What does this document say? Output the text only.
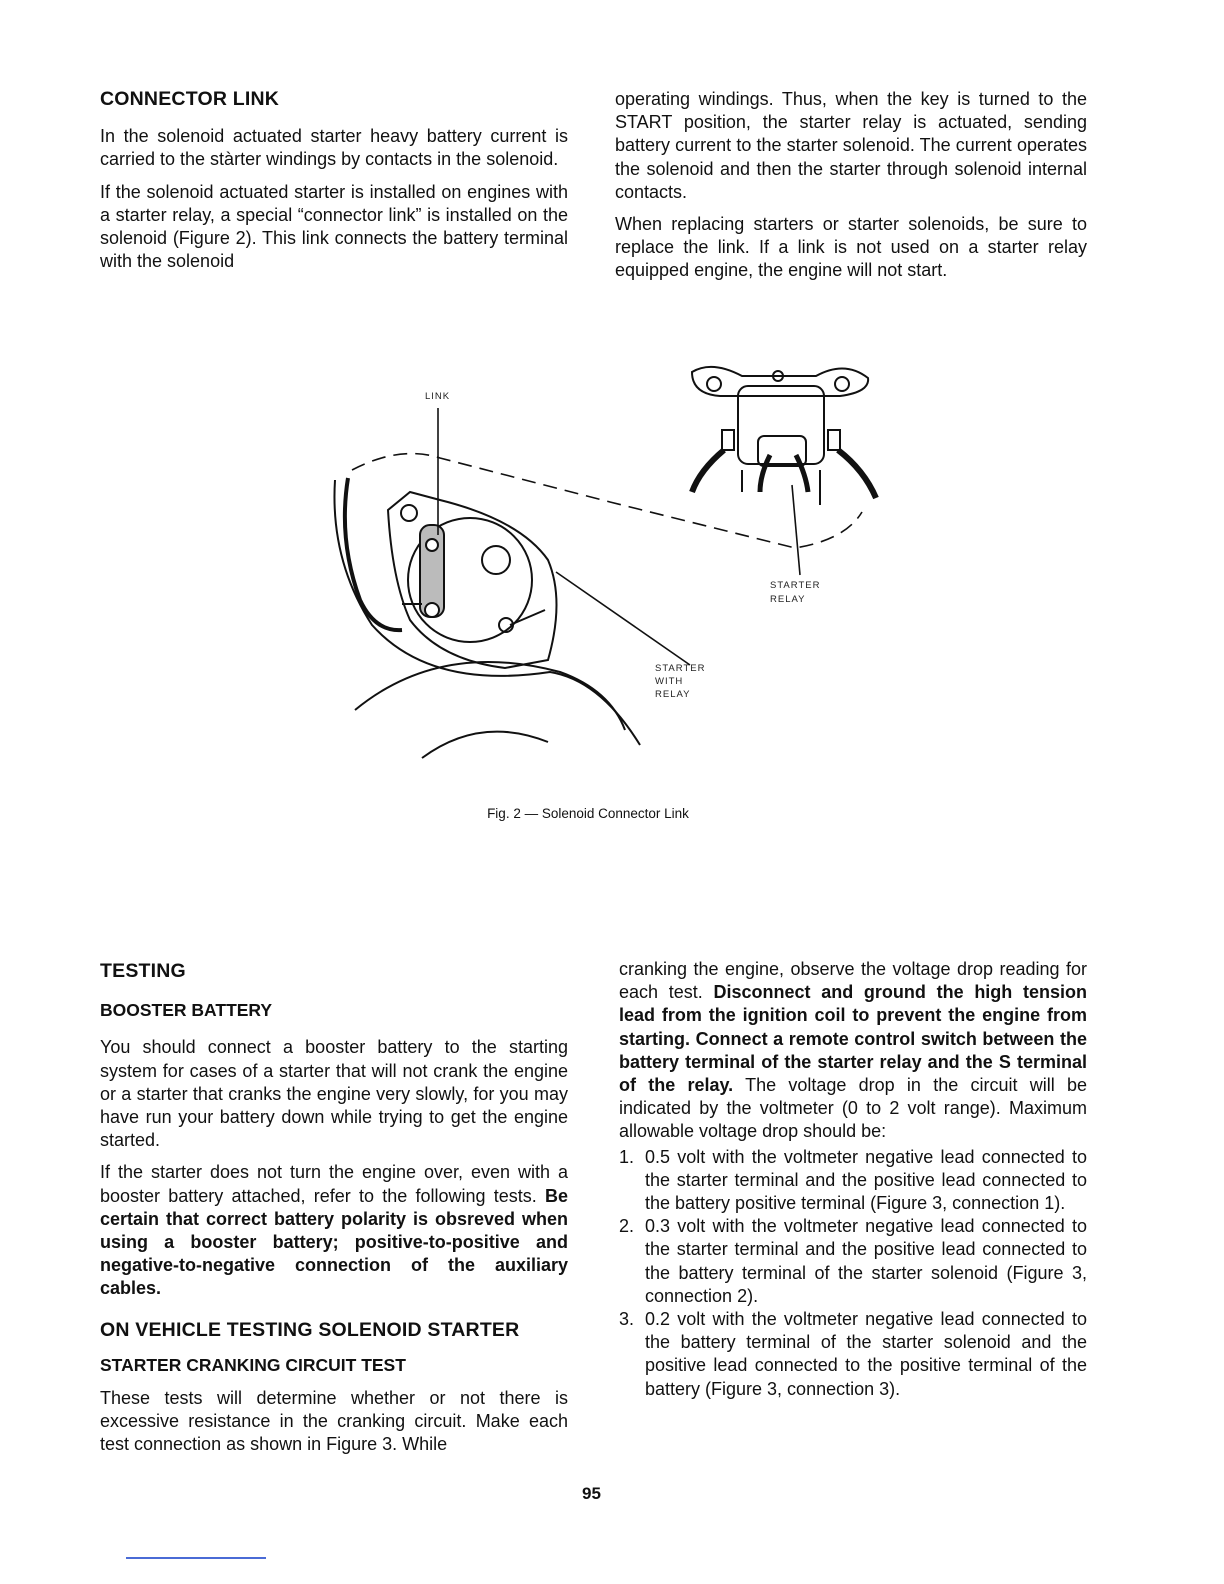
CONNECTOR LINK

In the solenoid actuated starter heavy battery current is carried to the stàrter windings by contacts in the solenoid.

If the solenoid actuated starter is installed on engines with a starter relay, a special “connector link” is installed on the solenoid (Figure 2). This link connects the battery terminal with the solenoid

operating windings. Thus, when the key is turned to the START position, the starter relay is actuated, sending battery current to the starter solenoid. The current operates the solenoid and then the starter through solenoid internal contacts.

When replacing starters or starter solenoids, be sure to replace the link. If a link is not used on a starter relay equipped engine, the engine will not start.

LINK
STARTER
RELAY
STARTER
WITH
RELAY
Fig. 2 — Solenoid Connector Link
TESTING
BOOSTER BATTERY

You should connect a booster battery to the starting system for cases of a starter that will not crank the engine or a starter that cranks the engine very slowly, for you may have run your battery down while trying to get the engine started.

If the starter does not turn the engine over, even with a booster battery attached, refer to the following tests. Be certain that correct battery polarity is obsreved when using a booster battery; positive-to-positive and negative-to-negative connection of the auxiliary cables.

ON VEHICLE TESTING SOLENOID STARTER
STARTER CRANKING CIRCUIT TEST

These tests will determine whether or not there is excessive resistance in the cranking circuit. Make each test connection as shown in Figure 3. While

cranking the engine, observe the voltage drop reading for each test. Disconnect and ground the high tension lead from the ignition coil to prevent the engine from starting. Connect a remote control switch between the battery terminal of the starter relay and the S terminal of the relay. The voltage drop in the circuit will be indicated by the voltmeter (0 to 2 volt range). Maximum allowable voltage drop should be:

1. 0.5 volt with the voltmeter negative lead connected to the starter terminal and the positive lead connected to the battery positive terminal (Figure 3, connection 1).
2. 0.3 volt with the voltmeter negative lead connected to the starter terminal and the positive lead connected to the battery terminal of the starter solenoid (Figure 3, connection 2).
3. 0.2 volt with the voltmeter negative lead connected to the battery terminal of the starter solenoid and the positive lead connected to the positive terminal of the battery (Figure 3, connection 3).
95
